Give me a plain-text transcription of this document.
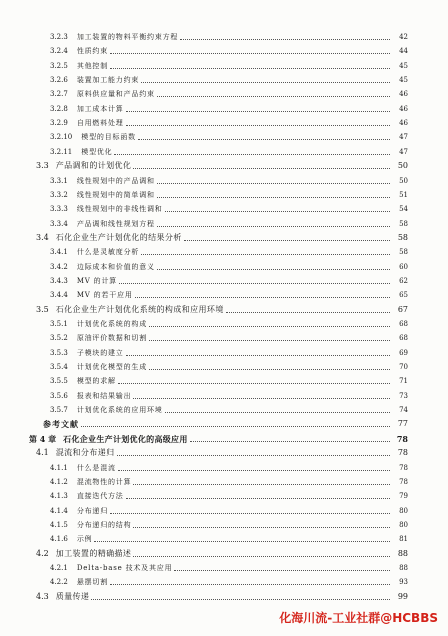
3.2.3 加工装置的物料平衡约束方程	42
3.2.4 性质约束	44
3.2.5 其他控制	45
3.2.6 装置加工能力约束	45
3.2.7 原料供应量和产品约束	46
3.2.8 加工成本计算	46
3.2.9 自用燃料处理	46
3.2.10 模型的目标函数	47
3.2.11 模型优化	47
3.3 产品调和的计划优化	50
3.3.1 线性规划中的产品调和	50
3.3.2 线性规划中的简单调和	51
3.3.3 线性规划中的非线性调和	54
3.3.4 产品调和线性规划方程	58
3.4 石化企业生产计划优化的结果分析	58
3.4.1 什么是灵敏度分析	58
3.4.2 边际成本和价值的意义	60
3.4.3 MV 的计算	62
3.4.4 MV 的若干应用	65
3.5 石化企业生产计划优化系统的构成和应用环境	67
3.5.1 计划优化系统的构成	68
3.5.2 原油评价数据和切割	68
3.5.3 子模块的建立	69
3.5.4 计划优化模型的生成	70
3.5.5 模型的求解	71
3.5.6 报表和结果输出	73
3.5.7 计划优化系统的应用环境	74
参考文献	77
第 4 章 石化企业生产计划优化的高级应用	78
4.1 混流和分布递归	78
4.1.1 什么是混流	78
4.1.2 混流物性的计算	78
4.1.3 直接迭代方法	79
4.1.4 分布递归	80
4.1.5 分布递归的结构	80
4.1.6 示例	81
4.2 加工装置的精确描述	88
4.2.1 Delta-base 技术及其应用	88
4.2.2 悬摆切割	93
4.3 质量传递	99
化海川流-工业社群@HCBBS
